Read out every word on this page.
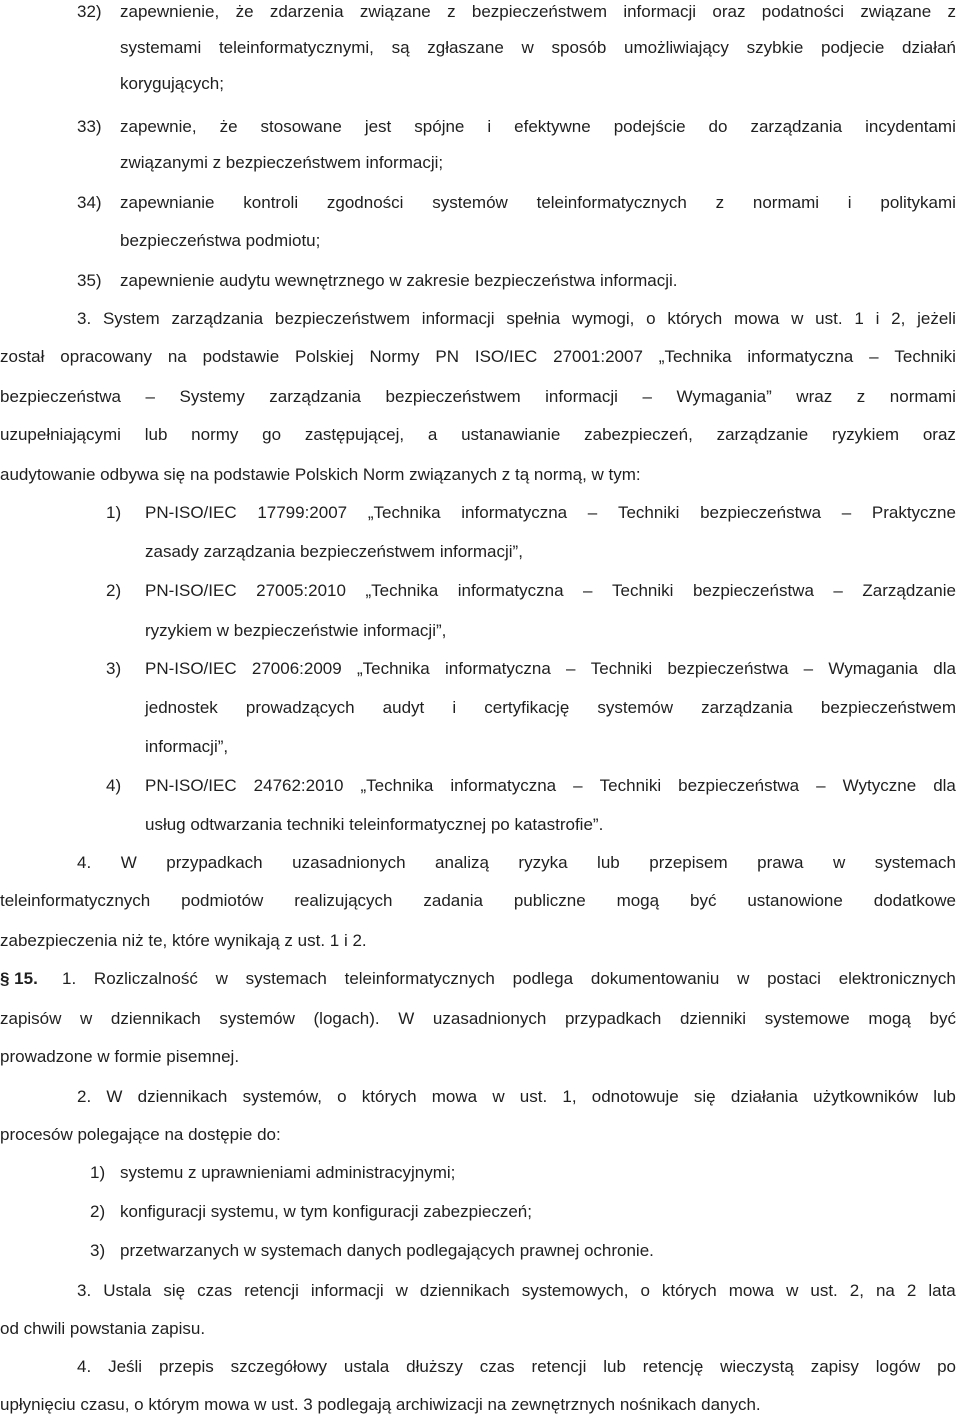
32) zapewnienie, że zdarzenia związane z bezpieczeństwem informacji oraz podatności związane z
systemami teleinformatycznymi, są zgłaszane w sposób umożliwiający szybkie podjecie działań
korygujących;
33) zapewnie, że stosowane jest spójne i efektywne podejście do zarządzania incydentami
związanymi z bezpieczeństwem informacji;
34) zapewnianie kontroli zgodności systemów teleinformatycznych z normami i politykami
bezpieczeństwa podmiotu;
35) zapewnienie audytu wewnętrznego w zakresie bezpieczeństwa informacji.
3. System zarządzania bezpieczeństwem informacji spełnia wymogi, o których mowa w ust. 1 i 2, jeżeli
został opracowany na podstawie Polskiej Normy PN ISO/IEC 27001:2007 „Technika informatyczna – Techniki
bezpieczeństwa – Systemy zarządzania bezpieczeństwem informacji – Wymagania” wraz z normami
uzupełniającymi lub normy go zastępującej, a ustanawianie zabezpieczeń, zarządzanie ryzykiem oraz
audytowanie odbywa się na podstawie Polskich Norm związanych z tą normą, w tym:
1) PN-ISO/IEC 17799:2007 „Technika informatyczna – Techniki bezpieczeństwa – Praktyczne
zasady zarządzania bezpieczeństwem informacji”,
2) PN-ISO/IEC 27005:2010 „Technika informatyczna – Techniki bezpieczeństwa – Zarządzanie
ryzykiem w bezpieczeństwie informacji”,
3) PN-ISO/IEC 27006:2009 „Technika informatyczna – Techniki bezpieczeństwa – Wymagania dla
jednostek prowadzących audyt i certyfikację systemów zarządzania bezpieczeństwem
informacji”,
4) PN-ISO/IEC 24762:2010 „Technika informatyczna – Techniki bezpieczeństwa – Wytyczne dla
usług odtwarzania techniki teleinformatycznej po katastrofie”.
4. W przypadkach uzasadnionych analizą ryzyka lub przepisem prawa w systemach
teleinformatycznych podmiotów realizujących zadania publiczne mogą być ustanowione dodatkowe
zabezpieczenia niż te, które wynikają z ust. 1 i 2.
§ 15. 1. Rozliczalność w systemach teleinformatycznych podlega dokumentowaniu w postaci elektronicznych
zapisów w dziennikach systemów (logach). W uzasadnionych przypadkach dzienniki systemowe mogą być
prowadzone w formie pisemnej.
2. W dziennikach systemów, o których mowa w ust. 1, odnotowuje się działania użytkowników lub
procesów polegające na dostępie do:
1) systemu z uprawnieniami administracyjnymi;
2) konfiguracji systemu, w tym konfiguracji zabezpieczeń;
3) przetwarzanych w systemach danych podlegających prawnej ochronie.
3. Ustala się czas retencji informacji w dziennikach systemowych, o których mowa w ust. 2, na 2 lata
od chwili powstania zapisu.
4. Jeśli przepis szczegółowy ustala dłuższy czas retencji lub retencję wieczystą zapisy logów po
upłynięciu czasu, o którym mowa w ust. 3 podlegają archiwizacji na zewnętrznych nośnikach danych.
